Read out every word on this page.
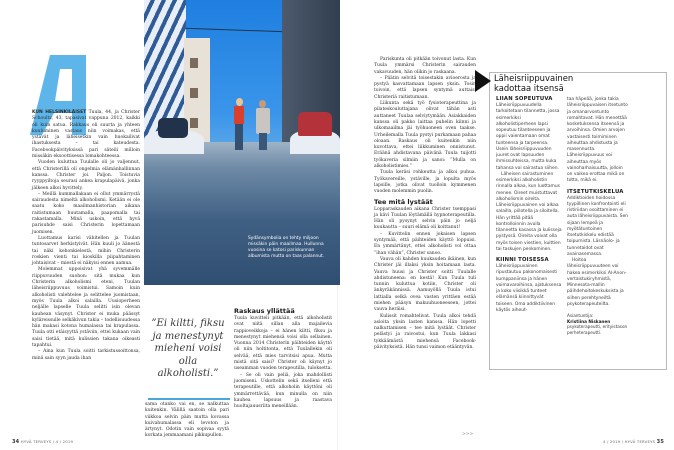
Sydänsymbolia on tehty miljoon missäkin päin maailmaa. Hullunna vuosina se katosi pariskunnan albumista mutta on taas palannut.

KUN HELSINKILÄISET Tuula, 44, ja Christer Schoultz, 43, tapasivat vappuna 2012, kaikki oli kuin satua. Rakkaus oli suurta ja yhteen kuuluminen vastaus niin voimakas, että ystävät ja läheisetkin vain huokailivat ihastuksesta – tai kateudesta. Facebookpäivityksissä pari säteili milloin missäkin eksoottisessa lomakohteessa.

Vuoden kuluttua Tuulalle oli jo valjennut, että Christerillä oli ongelmia elämänhallinnan kanssa. Christer joi. Paljon. Toistuvia ryyppyiltoja seurasi ankea krapulapäivä, jonka jälkeen alkoi hyvittely.

– Meillä kummallakaan ei ollut ymmärrystä sairaudesta nimeltä alkoholismi. Ketään ei ole saatu koko maailmanhistorian aikana raitistumaan huutamalla, paapomalla tai rakastamalla. Minä uskoin, että hyvä parisuhde saisi Christerin lopettamaan juomisen.

Luottamus karisi vähitellen ja Tuulan tuntosarvet herkistyivät. Hän kuuli jo äänestä tai näki kehonkielestä, mihin Christerin roskien vienti tai kioskilla piipahtaminen johtaisivat – miestä ei näkyisi ennen aamua.

Molemmat uppoisivat yhä syvemmälle riippuvuuden suohon: sitä mukaa kun Christerin alkoholismi eteni, Tuulan läheisriippuvuus voimistui. Samoin kuin alkoholisti valehtelee ja selittelee juomistaan, myös Tuula alkoi salailla. Uusioperheen neljälle lapselle Tuula selitti isin olevan kauhean väsynyt. Christer ei muka päässyt kyläreissulle selkäkivun takia – todellisuudessa hän makasi kotona humalassa tai krapulassa. Tuula otti etäisyyttä ystäviin, ettei kukaan vain saisi tietää, mitä kulissien takana oikeasti tapahtui.

– Aina kun Tuula soitti tarkistussoittonsa, minä sain syyn jauda ihan

”Ei kiltti, fiksu ja menestynyt mieheni voisi olla alkoholisti.”

sama otanko vai en, se nalkuttaa kuitenkin. Välillä saatoin olla pari viikkoa selvin päin mutta kovassa kuivahumalassa eli levoton ja ärtynyt. Odotin vain sopivaa syytä korkata jemmaamani pikkupullon.

Raskaus yllättää

Tuula kuvitteli pitkään, että alkoholistit ovat niitä sillan alla majailevia rappioveikkoja – ei hänen kiltti, fiksu ja menestynyt miehensä voisi olla sellainen. Vuonna 2014 Christerin päihteiden käyttö oli niin holtitonta, että Tuulallekin oli selvää, että mies tarvitsisi apua. Mutta mistä sitä saisi? Christer oli käynyt jo useamman vuoden terapeutilla, tuloksetta.

– Se oli vain peliä, joka mahdollisti juomiseni. Uskottelin sekä itselleni että terapeutille, että alkoholin käyttöni oli ymmärrettävää, kun minulla on niin kauhea lapsuus ja raastava huoltajauusriita meneillään.

Pariskunta oli pitkään toivonut lasta. Kun Tuula ymmärsi Christerin sairauden vakavuuden, hän olikin jo raskaana.

– Päätin selvitä toisestakin avioerosta ja pystyä kasvattamaan lapsen yksin. Tosin toivoin, että lapsen syntymä auttaisi Christeriä raitistumaan.

Liikunta sekä työ fysioterapeuttina ja pilateskouluttajana olivat tähän asti auttaneet Tuulaa selviytymään. Asiakkaiden kanssa oli pakko laittaa puhelin kiinni ja ulkomaailma jäi työhuoneen oven taakse. Urheilemalla Tuula pystyi purkamaan pahaa oloaan. Raskaus oli kuitenkin niin kuvottava, ettei liikkuminen onnistunut. Eräänä ahdistavana päivänä Tuula tuijotti työkaveria silmiin ja sanoi: ”Mulla on alkoholistimies.”

Tuula keräsi rohkeutta ja alkoi puhua. Työkavereille, ystäville, ja lopulta myös lapsille, jotka olivat tuolloin kymmenen vuoden molemmin puolin.

Tee mitä lystäät

Lopparaskauden aikana Christer tsemppasi ja kävi Tuulan löytämällä hypnoterapeutilla. Hän oli pysynyt selvin päin jo neljä kuukautta – suuri elämä oli koittanut!

– Kuvittelin ennen jokaisen lapsen syntymää, että päihteiden käyttö loppuisi. En ymmärtänyt, ettei alkoholisti voi ottaa ”ihan vähän”, Christer sanoo.

Vauva oli kahden kuukauden ikäinen, kun Christer jäi illaksi yksin hoitamaan lasta. Vauva huusi ja Christer soitti Tuulalle ahdistuneena: en kestä! Kun Tuula tuli tunnin kuluttua kotiin, Christer oli änkyräkännissä. Aamuyöllä Tuula istui lattialla selkä ovea vasten yrittäen estää miehen pääsyn makuuhuoneeseen, jottei vauva heräisi.

Kulissit romahtelivat. Tuula alkoi tehdä asioita yksin lasten kanssa. Hän lopetti nalkuttamisen – tee mitä lystäät. Christer pelästyi ja raivostui, kun Tuula lakkasi tykkäämästä miehensä Facebook-päivityksistä. Hän tunsi vaimon etääntyvän.

>>>
Läheisriippuvainen kadottaa itsensä
LIIAN SOPEUTUVA

Läheisriippuvuudella tarkoitetaan tilannetta, jossa esimerkiksi alkoholistiperheen lapsi sopeutuu tilanteeseen ja oppii vaientamaan omat tunteensa ja tarpeensa. Usein läheisriippuvuuden juuret ovat lapsuuden ihmissuhteissa, mutta kuka tahansa voi sairastua siihen.

Läheisen sairastuminen esimerkiksi alkoholistin rinnalla alkaa, kun luottamus menee. Oireet muistuttavat alkoholismin oireita. Läheisriippuvainen voi alkaa salailla, piilotella ja siloitella. Hän yrittää pitää kontrolloinnin avulla tilannetta kasassa ja kulisseja pystyssä. Oireita voivat olla myös toisen viestien, kuittien tai taskujen penkominen.

KIINNI TOISESSA

Läheisriippuvainen ripustautuu pakonomaisesti kumppaniinsa ja hänen voimavaroihinsa, ajatuksensa ja koko viisikkä tunteet elämänsä kiinnittyvät toiseen. Oma addiktiivinen käytös aiheut-

taa häpeää, jonka takia läheisriippuvaisen itsetunto ja omanarvontunto romahtavat. Hän menettää kosketuksensa itseensä ja arvoihinsa. Omien arvojen vastaisesti toimiminen aiheuttaa ahdistusta ja masennusta. Läheisriippuvuus voi aiheuttaa myös vainoharhaisuutta, jolloin on vaikea erottaa mikä on totta, mikä ei.

ITSETUTKISKELUA

Addiktioiden hoidossa tyypillinen konfrontointi eli ristiriidan osoittaminen ei auta läheisriippuvaista. Sen sijaan lempeä ja myötätuntoinen itsetutkiskelu edistää toipumista. Läsnäolo- ja tunnetaidot ovat avainasemassa.

Hoitoa läheisriippuvuuteen voi hakea esimerkiksi Al-Anon-vertaistukiryhmistä, Minnesota-mallin päihdehoitokeskuksista ja siihen perehtyneiltä psykoterapeuteilta.

Asiantuntija:
Kristiina Niskanen
psykoterapeutti, erityistason perheterapeutti.
34 HYVÄ TERVEYS / 4 / 2019	4 / 2019 / HYVÄ TERVEYS 35
